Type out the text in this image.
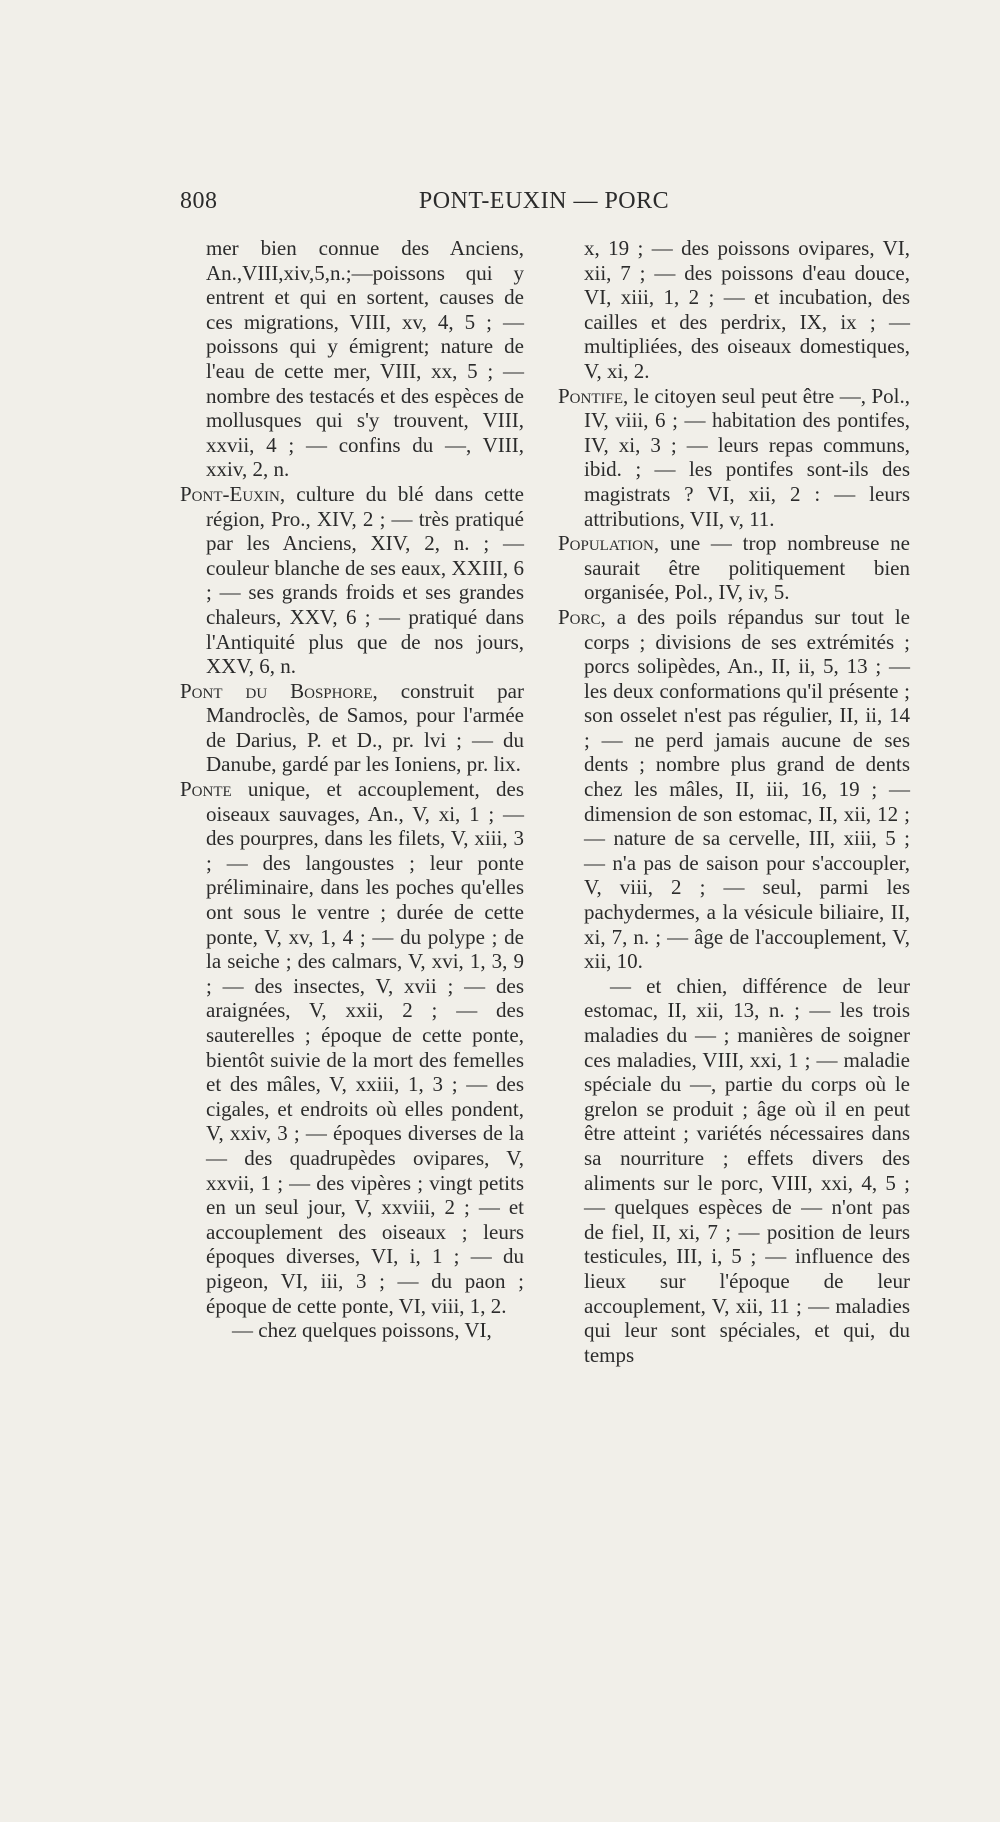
808	PONT-EUXIN — PORC

mer bien connue des Anciens, An.,VIII,xiv,5,n.;—poissons qui y entrent et qui en sortent, causes de ces migrations, VIII, xv, 4, 5 ; — poissons qui y émigrent; nature de l'eau de cette mer, VIII, xx, 5 ; — nombre des testacés et des espèces de mollusques qui s'y trouvent, VIII, xxvii, 4 ; — confins du —, VIII, xxiv, 2, n.

Pont-Euxin, culture du blé dans cette région, Pro., XIV, 2 ; — très pratiqué par les Anciens, XIV, 2, n. ; — couleur blanche de ses eaux, XXIII, 6 ; — ses grands froids et ses grandes chaleurs, XXV, 6 ; — pratiqué dans l'Antiquité plus que de nos jours, XXV, 6, n.

Pont du Bosphore, construit par Mandroclès, de Samos, pour l'armée de Darius, P. et D., pr. lvi ; — du Danube, gardé par les Ioniens, pr. lix.

Ponte unique, et accouplement, des oiseaux sauvages, An., V, xi, 1 ; — des pourpres, dans les filets, V, xiii, 3 ; — des langoustes ; leur ponte préliminaire, dans les poches qu'elles ont sous le ventre ; durée de cette ponte, V, xv, 1, 4 ; — du polype ; de la seiche ; des calmars, V, xvi, 1, 3, 9 ; — des insectes, V, xvii ; — des araignées, V, xxii, 2 ; — des sauterelles ; époque de cette ponte, bientôt suivie de la mort des femelles et des mâles, V, xxiii, 1, 3 ; — des cigales, et endroits où elles pondent, V, xxiv, 3 ; — époques diverses de la — des quadrupèdes ovipares, V, xxvii, 1 ; — des vipères ; vingt petits en un seul jour, V, xxviii, 2 ; — et accouplement des oiseaux ; leurs époques diverses, VI, i, 1 ; — du pigeon, VI, iii, 3 ; — du paon ; époque de cette ponte, VI, viii, 1, 2.

— chez quelques poissons, VI,

x, 19 ; — des poissons ovipares, VI, xii, 7 ; — des poissons d'eau douce, VI, xiii, 1, 2 ; — et incubation, des cailles et des perdrix, IX, ix ; — multipliées, des oiseaux domestiques, V, xi, 2.

Pontife, le citoyen seul peut être —, Pol., IV, viii, 6 ; — habitation des pontifes, IV, xi, 3 ; — leurs repas communs, ibid. ; — les pontifes sont-ils des magistrats ? VI, xii, 2 : — leurs attributions, VII, v, 11.

Population, une — trop nombreuse ne saurait être politiquement bien organisée, Pol., IV, iv, 5.

Porc, a des poils répandus sur tout le corps ; divisions de ses extrémités ; porcs solipèdes, An., II, ii, 5, 13 ; — les deux conformations qu'il présente ; son osselet n'est pas régulier, II, ii, 14 ; — ne perd jamais aucune de ses dents ; nombre plus grand de dents chez les mâles, II, iii, 16, 19 ; — dimension de son estomac, II, xii, 12 ; — nature de sa cervelle, III, xiii, 5 ; — n'a pas de saison pour s'accoupler, V, viii, 2 ; — seul, parmi les pachydermes, a la vésicule biliaire, II, xi, 7, n. ; — âge de l'accouplement, V, xii, 10.

— et chien, différence de leur estomac, II, xii, 13, n. ; — les trois maladies du — ; manières de soigner ces maladies, VIII, xxi, 1 ; — maladie spéciale du —, partie du corps où le grelon se produit ; âge où il en peut être atteint ; variétés nécessaires dans sa nourriture ; effets divers des aliments sur le porc, VIII, xxi, 4, 5 ; — quelques espèces de — n'ont pas de fiel, II, xi, 7 ; — position de leurs testicules, III, i, 5 ; — influence des lieux sur l'époque de leur accouplement, V, xii, 11 ; — maladies qui leur sont spéciales, et qui, du temps
